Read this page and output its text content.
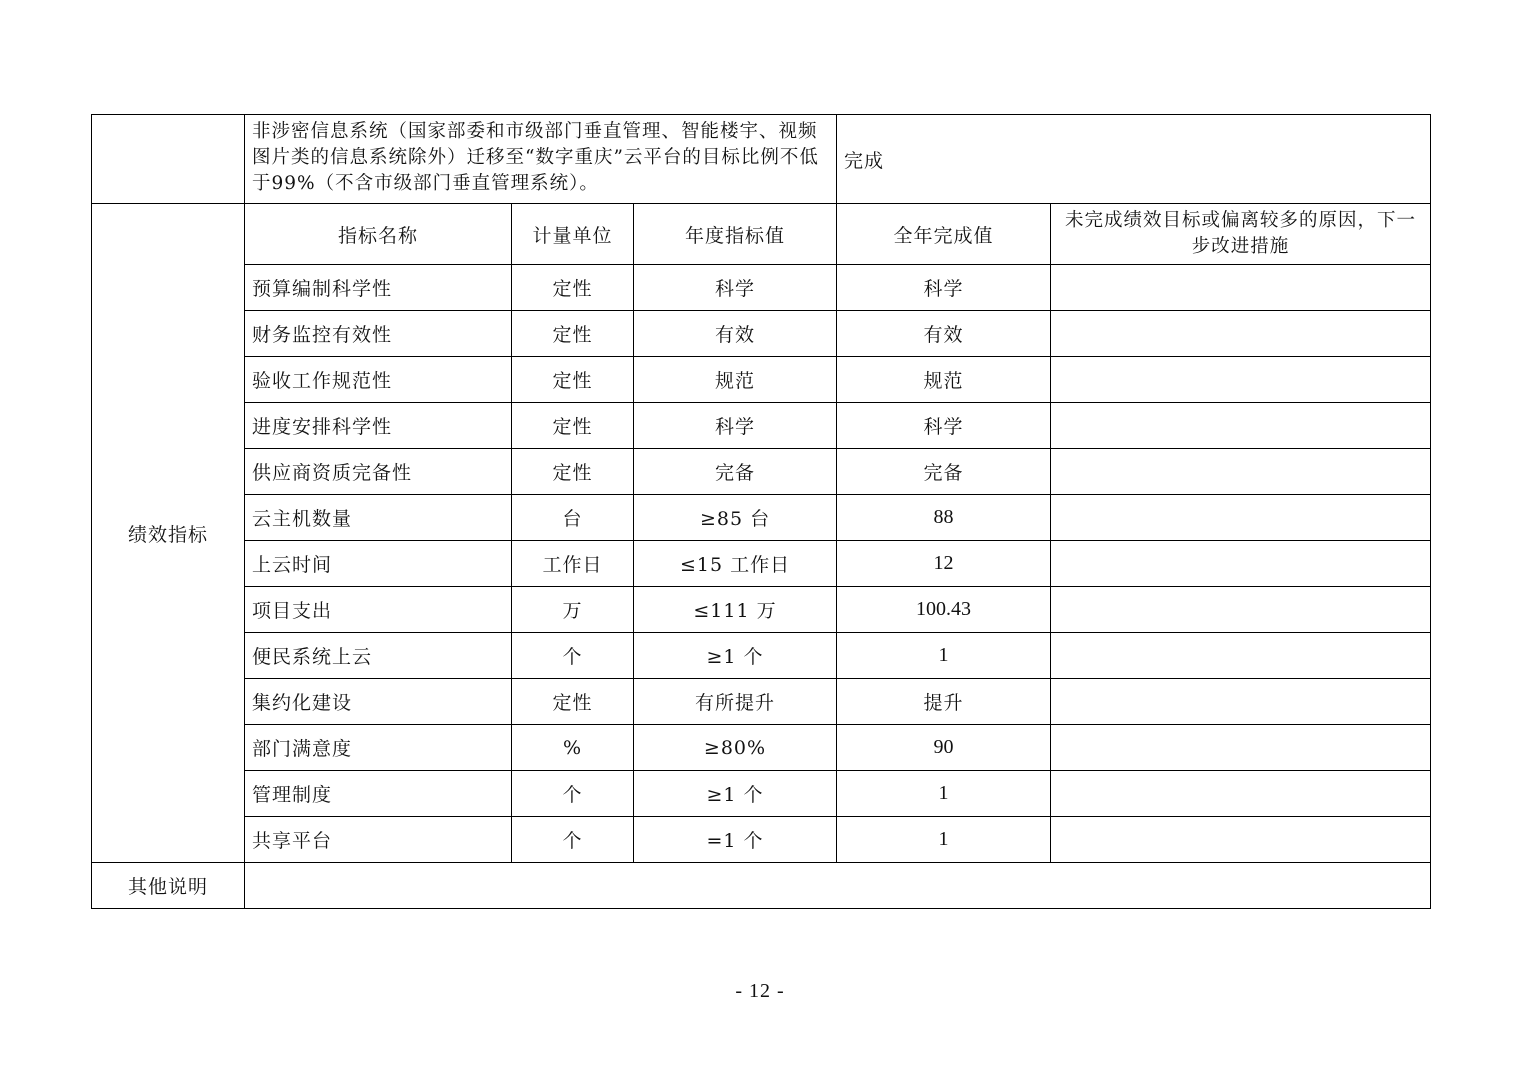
	非涉密信息系统（国家部委和市级部门垂直管理、智能楼宇、视频图片类的信息系统除外）迁移至“数字重庆”云平台的目标比例不低于99%（不含市级部门垂直管理系统）。			完成	
绩效指标	指标名称	计量单位	年度指标值	全年完成值	未完成绩效目标或偏离较多的原因，下一步改进措施
	预算编制科学性	定性	科学	科学	
	财务监控有效性	定性	有效	有效	
	验收工作规范性	定性	规范	规范	
	进度安排科学性	定性	科学	科学	
	供应商资质完备性	定性	完备	完备	
	云主机数量	台	≥85 台	88	
	上云时间	工作日	≤15 工作日	12	
	项目支出	万	≤111 万	100.43	
	便民系统上云	个	≥1 个	1	
	集约化建设	定性	有所提升	提升	
	部门满意度	%	≥80%	90	
	管理制度	个	≥1 个	1	
	共享平台	个	=1 个	1	
其他说明					
- 12 -
